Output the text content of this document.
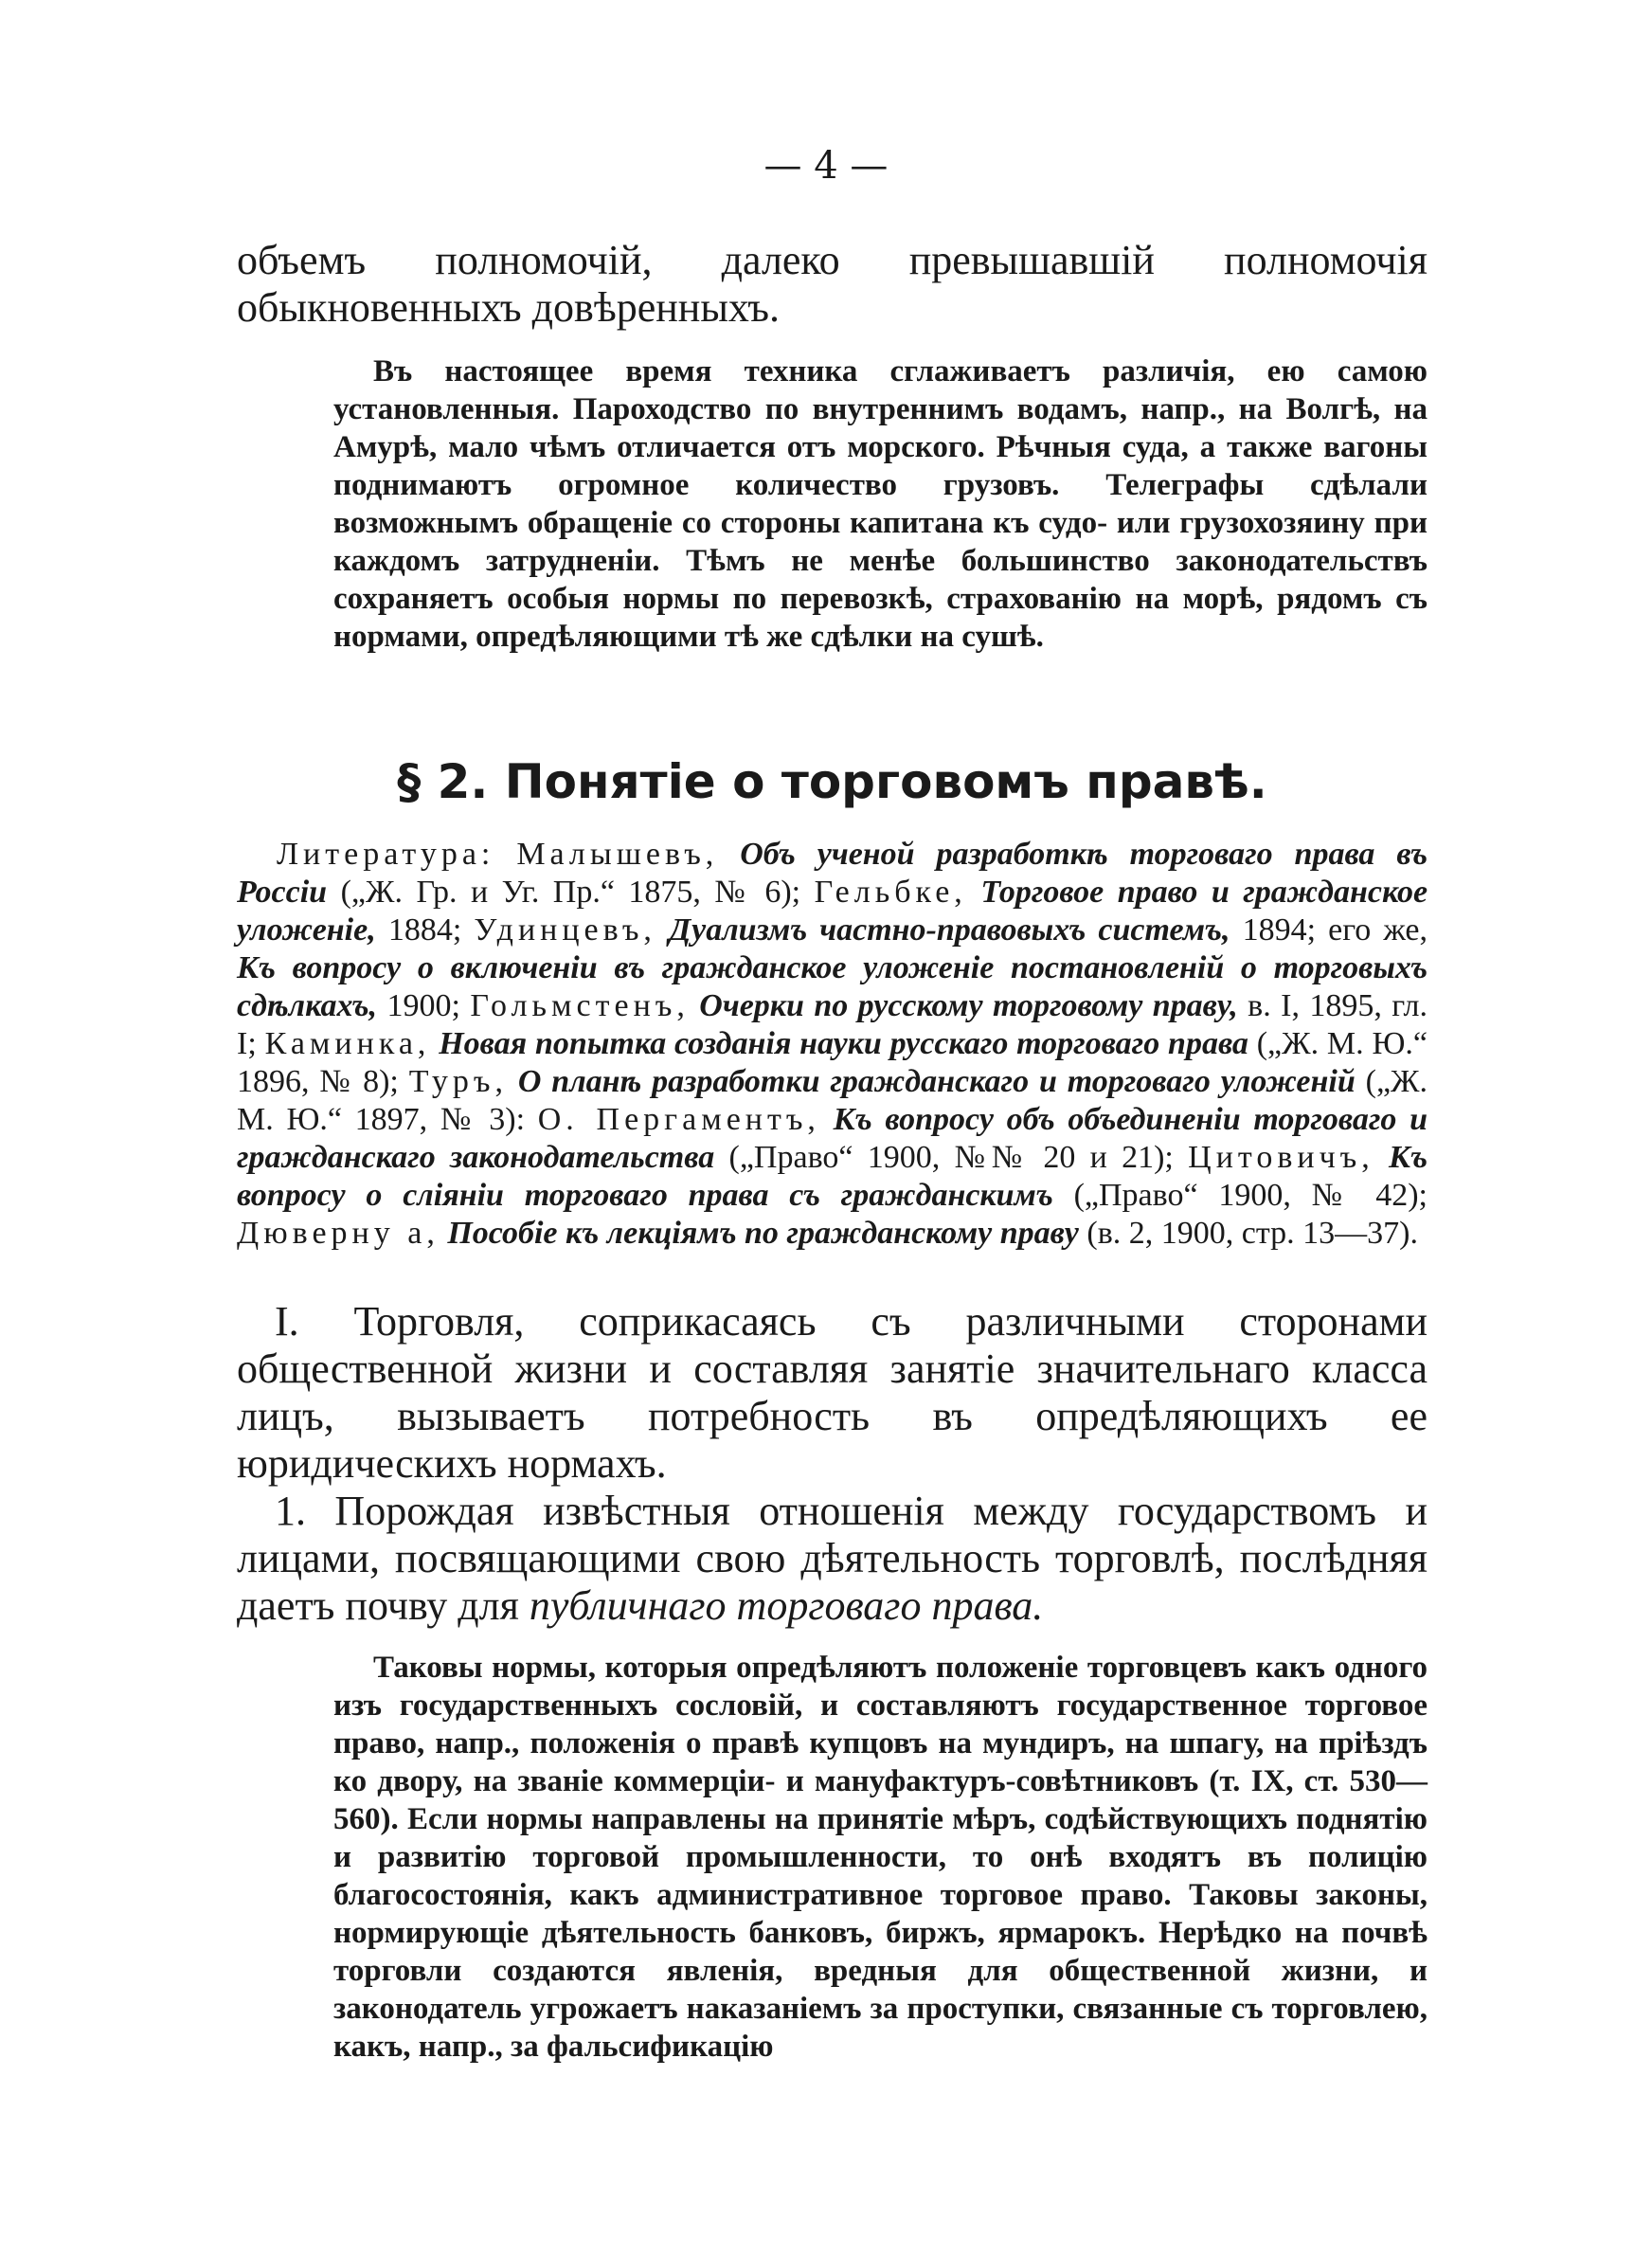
— 4 —

объемъ полномочій, далеко превышавшій полномочія обыкновенныхъ довѣренныхъ.

Въ настоящее время техника сглаживаетъ различія, ею самою установленныя. Пароходство по внутреннимъ водамъ, напр., на Волгѣ, на Амурѣ, мало чѣмъ отличается отъ морского. Рѣчныя суда, а также вагоны поднимаютъ огромное количество грузовъ. Телеграфы сдѣлали возможнымъ обращеніе со стороны капитана къ судо- или грузохозяину при каждомъ затрудненіи. Тѣмъ не менѣе большинство законодательствъ сохраняетъ особыя нормы по перевозкѣ, страхованію на морѣ, рядомъ съ нормами, опредѣляющими тѣ же сдѣлки на сушѣ.

§ 2. Понятіе о торговомъ правѣ.

Литература: Малышевъ, Объ ученой разработкѣ торговаго права въ Россіи („Ж. Гр. и Уг. Пр.“ 1875, № 6); Гельбке, Торговое право и гражданское уложеніе, 1884; Удинцевъ, Дуализмъ частно-правовыхъ системъ, 1894; его же, Къ вопросу о включеніи въ гражданское уложеніе постановленій о торговыхъ сдѣлкахъ, 1900; Гольмстенъ, Очерки по русскому торговому праву, в. I, 1895, гл. I; Каминка, Новая попытка созданія науки русскаго торговаго права („Ж. М. Ю.“ 1896, № 8); Туръ, О планѣ разработки гражданскаго и торговаго уложеній („Ж. М. Ю.“ 1897, № 3): О. Пергаментъ, Къ вопросу объ объединеніи торговаго и гражданскаго законодательства („Право“ 1900, №№ 20 и 21); Цитовичъ, Къ вопросу о сліяніи торговаго права съ гражданскимъ („Право“ 1900, № 42); Дюверну а, Пособіе къ лекціямъ по гражданскому праву (в. 2, 1900, стр. 13—37).

I. Торговля, соприкасаясь съ различными сторонами общественной жизни и составляя занятіе значительнаго класса лицъ, вызываетъ потребность въ опредѣляющихъ ее юридическихъ нормахъ.

1. Порождая извѣстныя отношенія между государствомъ и лицами, посвящающими свою дѣятельность торговлѣ, послѣдняя даетъ почву для публичнаго торговаго права.

Таковы нормы, которыя опредѣляютъ положеніе торговцевъ какъ одного изъ государственныхъ сословій, и составляютъ государственное торговое право, напр., положенія о правѣ купцовъ на мундиръ, на шпагу, на пріѣздъ ко двору, на званіе коммерціи- и мануфактуръ-совѣтниковъ (т. IX, ст. 530—560). Если нормы направлены на принятіе мѣръ, содѣйствующихъ поднятію и развитію торговой промышленности, то онѣ входятъ въ полицію благосостоянія, какъ административное торговое право. Таковы законы, нормирующіе дѣятельность банковъ, биржъ, ярмарокъ. Нерѣдко на почвѣ торговли создаются явленія, вредныя для общественной жизни, и законодатель угрожаетъ наказаніемъ за проступки, связанные съ торговлею, какъ, напр., за фальсификацію
